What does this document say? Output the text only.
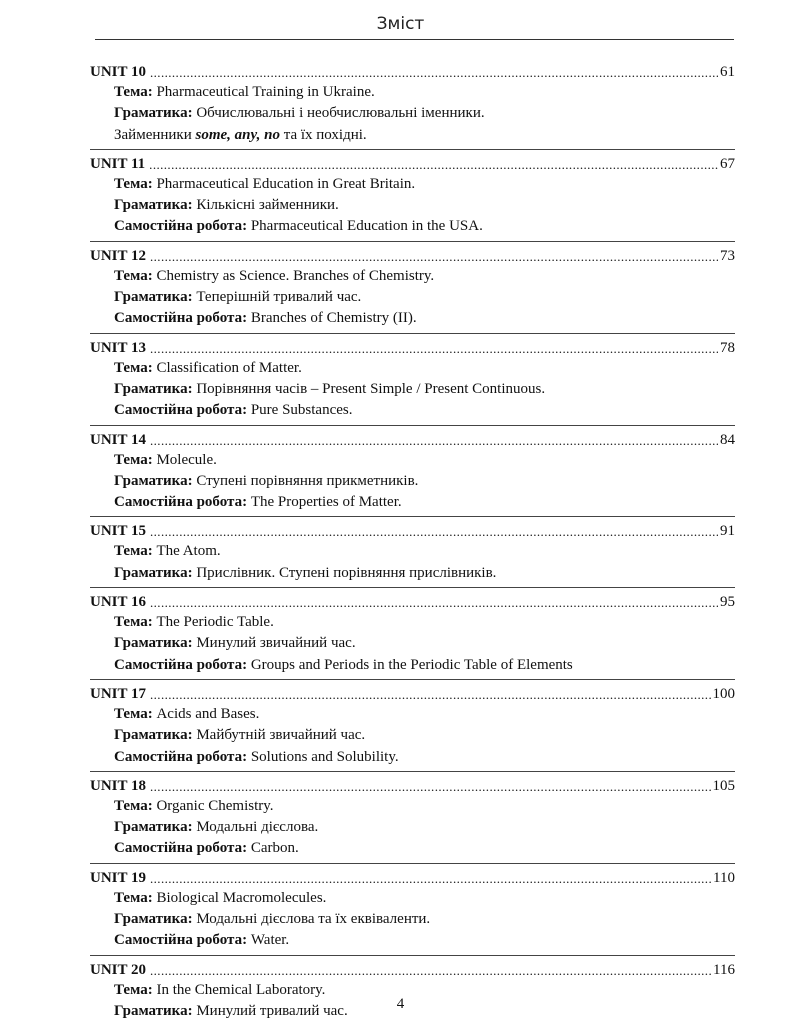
Зміст
UNIT 10 .....	61
Тема: Pharmaceutical Training in Ukraine.
Граматика: Обчислювальні і необчислювальні іменники.
Займенники some, any, no та їх похідні.
UNIT 11 .....	67
Тема: Pharmaceutical Education in Great Britain.
Граматика: Кількісні займенники.
Самостійна робота: Pharmaceutical Education in the USA.
UNIT 12 .....	73
Тема: Chemistry as Science. Branches of Chemistry.
Граматика: Теперішній тривалий час.
Самостійна робота: Branches of Chemistry (II).
UNIT 13 .....	78
Тема: Classification of Matter.
Граматика: Порівняння часів – Present Simple / Present Continuous.
Самостійна робота: Pure Substances.
UNIT 14 .....	84
Тема: Molecule.
Граматика: Ступені порівняння прикметників.
Самостійна робота: The Properties of Matter.
UNIT 15 .....	91
Тема: The Atom.
Граматика: Прислівник. Ступені порівняння прислівників.
UNIT 16 .....	95
Тема: The Periodic Table.
Граматика: Минулий звичайний час.
Самостійна робота: Groups and Periods in the Periodic Table of Elements
UNIT 17 .....	100
Тема: Acids and Bases.
Граматика: Майбутній звичайний час.
Самостійна робота: Solutions and Solubility.
UNIT 18 .....	105
Тема: Organic Chemistry.
Граматика: Модальні дієслова.
Самостійна робота: Carbon.
UNIT 19 .....	110
Тема: Biological Macromolecules.
Граматика: Модальні дієслова та їх еквіваленти.
Самостійна робота: Water.
UNIT 20 .....	116
Тема: In the Chemical Laboratory.
Граматика: Минулий тривалий час.	4
